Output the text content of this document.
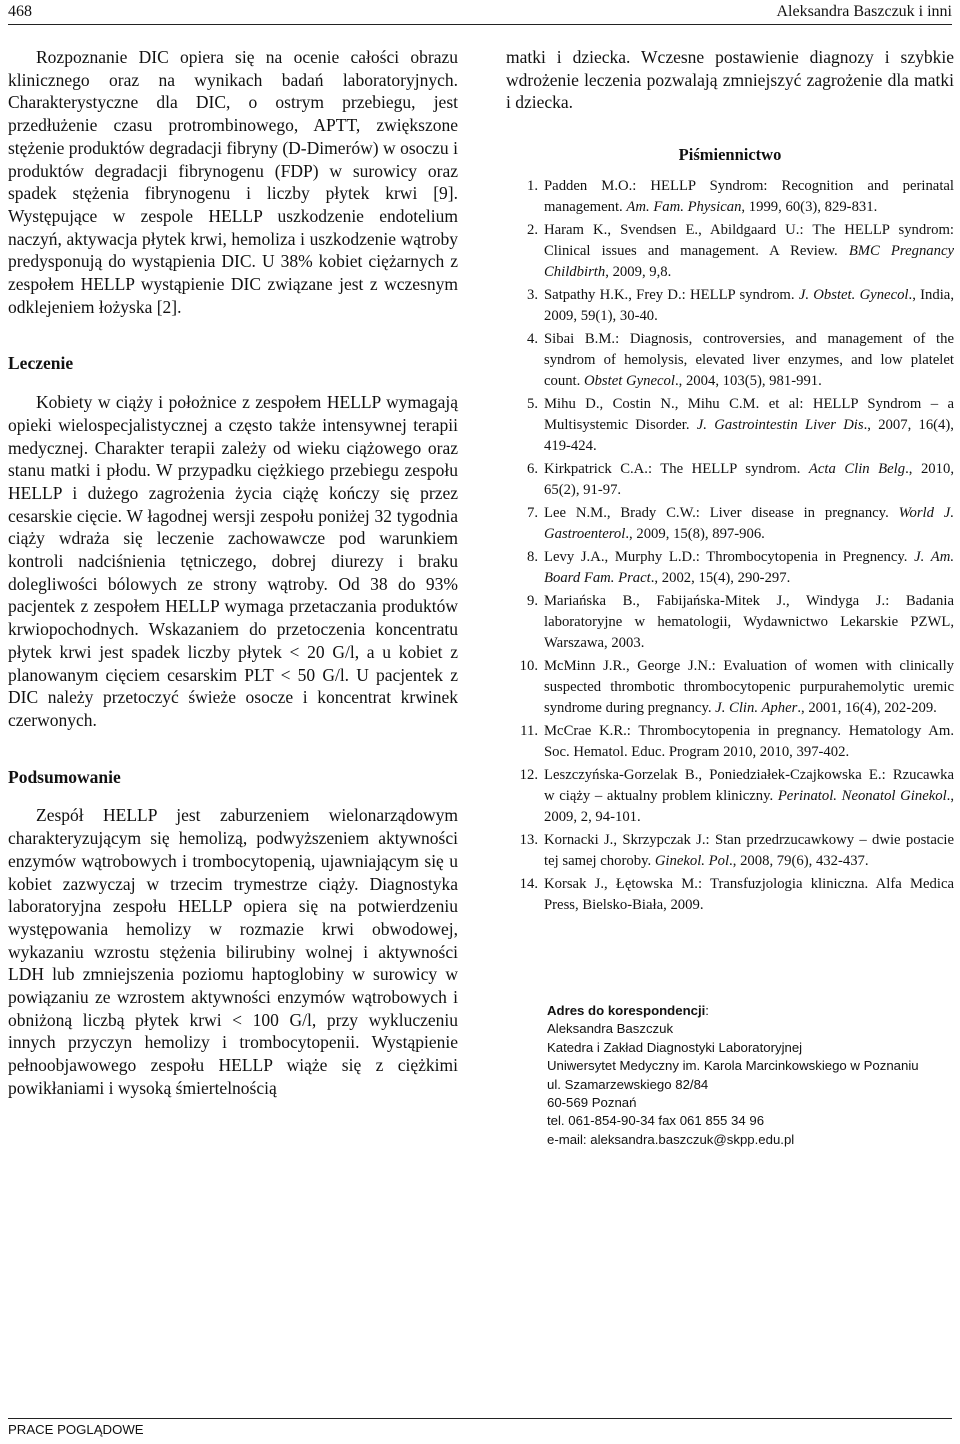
468	Aleksandra Baszczuk i inni

Rozpoznanie DIC opiera się na ocenie całości obrazu klinicznego oraz na wynikach badań laboratoryjnych. Charakterystyczne dla DIC, o ostrym przebiegu, jest przedłużenie czasu protrombinowego, APTT, zwiększone stężenie produktów degradacji fibryny (D-Dimerów) w osoczu i produktów degradacji fibrynogenu (FDP) w surowicy oraz spadek stężenia fibrynogenu i liczby płytek krwi [9]. Występujące w zespole HELLP uszkodzenie endotelium naczyń, aktywacja płytek krwi, hemoliza i uszkodzenie wątroby predysponują do wystąpienia DIC. U 38% kobiet ciężarnych z zespołem HELLP wystąpienie DIC związane jest z wczesnym odklejeniem łożyska [2].

Leczenie

Kobiety w ciąży i położnice z zespołem HELLP wymagają opieki wielospecjalistycznej a często także intensywnej terapii medycznej. Charakter terapii zależy od wieku ciążowego oraz stanu matki i płodu. W przypadku ciężkiego przebiegu zespołu HELLP i dużego zagrożenia życia ciążę kończy się przez cesarskie cięcie. W łagodnej wersji zespołu poniżej 32 tygodnia ciąży wdraża się leczenie zachowawcze pod warunkiem kontroli nadciśnienia tętniczego, dobrej diurezy i braku dolegliwości bólowych ze strony wątroby. Od 38 do 93% pacjentek z zespołem HELLP wymaga przetaczania produktów krwiopochodnych. Wskazaniem do przetoczenia koncentratu płytek krwi jest spadek liczby płytek < 20 G/l, a u kobiet z planowanym cięciem cesarskim PLT < 50 G/l. U pacjentek z DIC należy przetoczyć świeże osocze i koncentrat krwinek czerwonych.

Podsumowanie

Zespół HELLP jest zaburzeniem wielonarządowym charakteryzującym się hemolizą, podwyższeniem aktywności enzymów wątrobowych i trombocytopenią, ujawniającym się u kobiet zazwyczaj w trzecim trymestrze ciąży. Diagnostyka laboratoryjna zespołu HELLP opiera się na potwierdzeniu występowania hemolizy w rozmazie krwi obwodowej, wykazaniu wzrostu stężenia bilirubiny wolnej i aktywności LDH lub zmniejszenia poziomu haptoglobiny w surowicy w powiązaniu ze wzrostem aktywności enzymów wątrobowych i obniżoną liczbą płytek krwi < 100 G/l, przy wykluczeniu innych przyczyn hemolizy i trombocytopenii. Wystąpienie pełnoobjawowego zespołu HELLP wiąże się z ciężkimi powikłaniami i wysoką śmiertelnością

matki i dziecka. Wczesne postawienie diagnozy i szybkie wdrożenie leczenia pozwalają zmniejszyć zagrożenie dla matki i dziecka.

Piśmiennictwo
1. Padden M.O.: HELLP Syndrom: Recognition and perinatal management. Am. Fam. Physican, 1999, 60(3), 829-831.
2. Haram K., Svendsen E., Abildgaard U.: The HELLP syndrom: Clinical issues and management. A Review. BMC Pregnancy Childbirth, 2009, 9,8.
3. Satpathy H.K., Frey D.: HELLP syndrom. J. Obstet. Gynecol., India, 2009, 59(1), 30-40.
4. Sibai B.M.: Diagnosis, controversies, and management of the syndrom of hemolysis, elevated liver enzymes, and low platelet count. Obstet Gynecol., 2004, 103(5), 981-991.
5. Mihu D., Costin N., Mihu C.M. et al: HELLP Syndrom – a Multisystemic Disorder. J. Gastrointestin Liver Dis., 2007, 16(4), 419-424.
6. Kirkpatrick C.A.: The HELLP syndrom. Acta Clin Belg., 2010, 65(2), 91-97.
7. Lee N.M., Brady C.W.: Liver disease in pregnancy. World J. Gastroenterol., 2009, 15(8), 897-906.
8. Levy J.A., Murphy L.D.: Thrombocytopenia in Pregnency. J. Am. Board Fam. Pract., 2002, 15(4), 290-297.
9. Mariańska B., Fabijańska-Mitek J., Windyga J.: Badania laboratoryjne w hematologii, Wydawnictwo Lekarskie PZWL, Warszawa, 2003.
10. McMinn J.R., George J.N.: Evaluation of women with clinically suspected thrombotic thrombocytopenic purpurahemolytic uremic syndrome during pregnancy. J. Clin. Apher., 2001, 16(4), 202-209.
11. McCrae K.R.: Thrombocytopenia in pregnancy. Hematology Am. Soc. Hematol. Educ. Program 2010, 2010, 397-402.
12. Leszczyńska-Gorzelak B., Poniedziałek-Czajkowska E.: Rzucawka w ciąży – aktualny problem kliniczny. Perinatol. Neonatol Ginekol., 2009, 2, 94-101.
13. Kornacki J., Skrzypczak J.: Stan przedrzucawkowy – dwie postacie tej samej choroby. Ginekol. Pol., 2008, 79(6), 432-437.
14. Korsak J., Łętowska M.: Transfuzjologia kliniczna. Alfa Medica Press, Bielsko-Biała, 2009.
Adres do korespondencji:
Aleksandra Baszczuk
Katedra i Zakład Diagnostyki Laboratoryjnej
Uniwersytet Medyczny im. Karola Marcinkowskiego w Poznaniu
ul. Szamarzewskiego 82/84
60-569 Poznań
tel. 061-854-90-34 fax 061 855 34 96
e-mail: aleksandra.baszczuk@skpp.edu.pl
PRACE POGLĄDOWE
